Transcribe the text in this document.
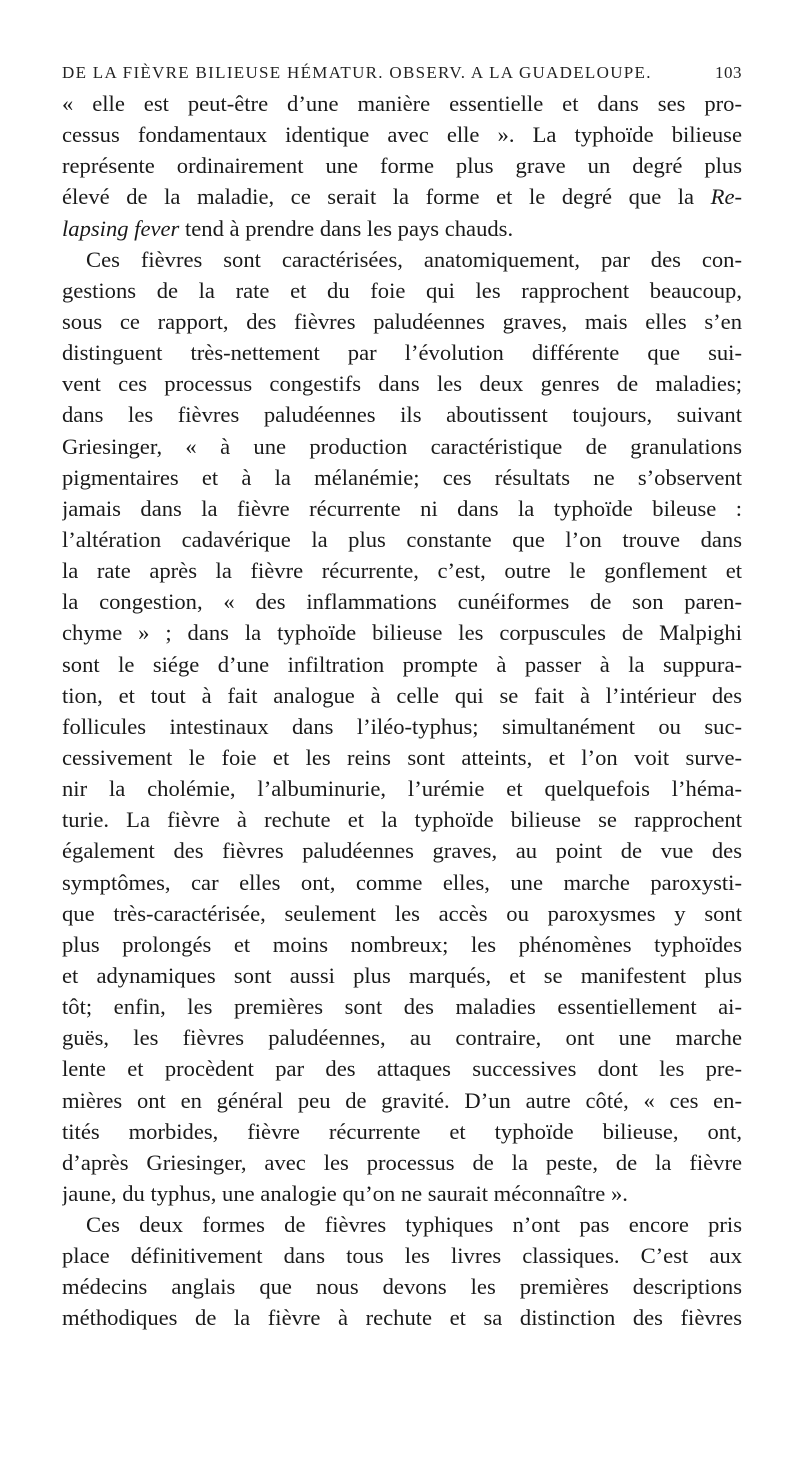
DE LA FIÈVRE BILIEUSE HÉMATUR. OBSERV. A LA GUADELOUPE.	103
« elle est peut-être d’une manière essentielle et dans ses pro-
cessus fondamentaux identique avec elle ». La typhoïde bilieuse
représente ordinairement une forme plus grave un degré plus
élevé de la maladie, ce serait la forme et le degré que la Re-
lapsing fever tend à prendre dans les pays chauds.
Ces fièvres sont caractérisées, anatomiquement, par des con-
gestions de la rate et du foie qui les rapprochent beaucoup,
sous ce rapport, des fièvres paludéennes graves, mais elles s’en
distinguent très-nettement par l’évolution différente que sui-
vent ces processus congestifs dans les deux genres de maladies;
dans les fièvres paludéennes ils aboutissent toujours, suivant
Griesinger, « à une production caractéristique de granulations
pigmentaires et à la mélanémie; ces résultats ne s’observent
jamais dans la fièvre récurrente ni dans la typhoïde bileuse :
l’altération cadavérique la plus constante que l’on trouve dans
la rate après la fièvre récurrente, c’est, outre le gonflement et
la congestion, « des inflammations cunéiformes de son paren-
chyme » ; dans la typhoïde bilieuse les corpuscules de Malpighi
sont le siége d’une infiltration prompte à passer à la suppura-
tion, et tout à fait analogue à celle qui se fait à l’intérieur des
follicules intestinaux dans l’iléo-typhus; simultanément ou suc-
cessivement le foie et les reins sont atteints, et l’on voit surve-
nir la cholémie, l’albuminurie, l’urémie et quelquefois l’héma-
turie. La fièvre à rechute et la typhoïde bilieuse se rapprochent
également des fièvres paludéennes graves, au point de vue des
symptômes, car elles ont, comme elles, une marche paroxysti-
que très-caractérisée, seulement les accès ou paroxysmes y sont
plus prolongés et moins nombreux; les phénomènes typhoïdes
et adynamiques sont aussi plus marqués, et se manifestent plus
tôt; enfin, les premières sont des maladies essentiellement ai-
guës, les fièvres paludéennes, au contraire, ont une marche
lente et procèdent par des attaques successives dont les pre-
mières ont en général peu de gravité. D’un autre côté, « ces en-
tités morbides, fièvre récurrente et typhoïde bilieuse, ont,
d’après Griesinger, avec les processus de la peste, de la fièvre
jaune, du typhus, une analogie qu’on ne saurait méconnaître ».
Ces deux formes de fièvres typhiques n’ont pas encore pris
place définitivement dans tous les livres classiques. C’est aux
médecins anglais que nous devons les premières descriptions
méthodiques de la fièvre à rechute et sa distinction des fièvres
